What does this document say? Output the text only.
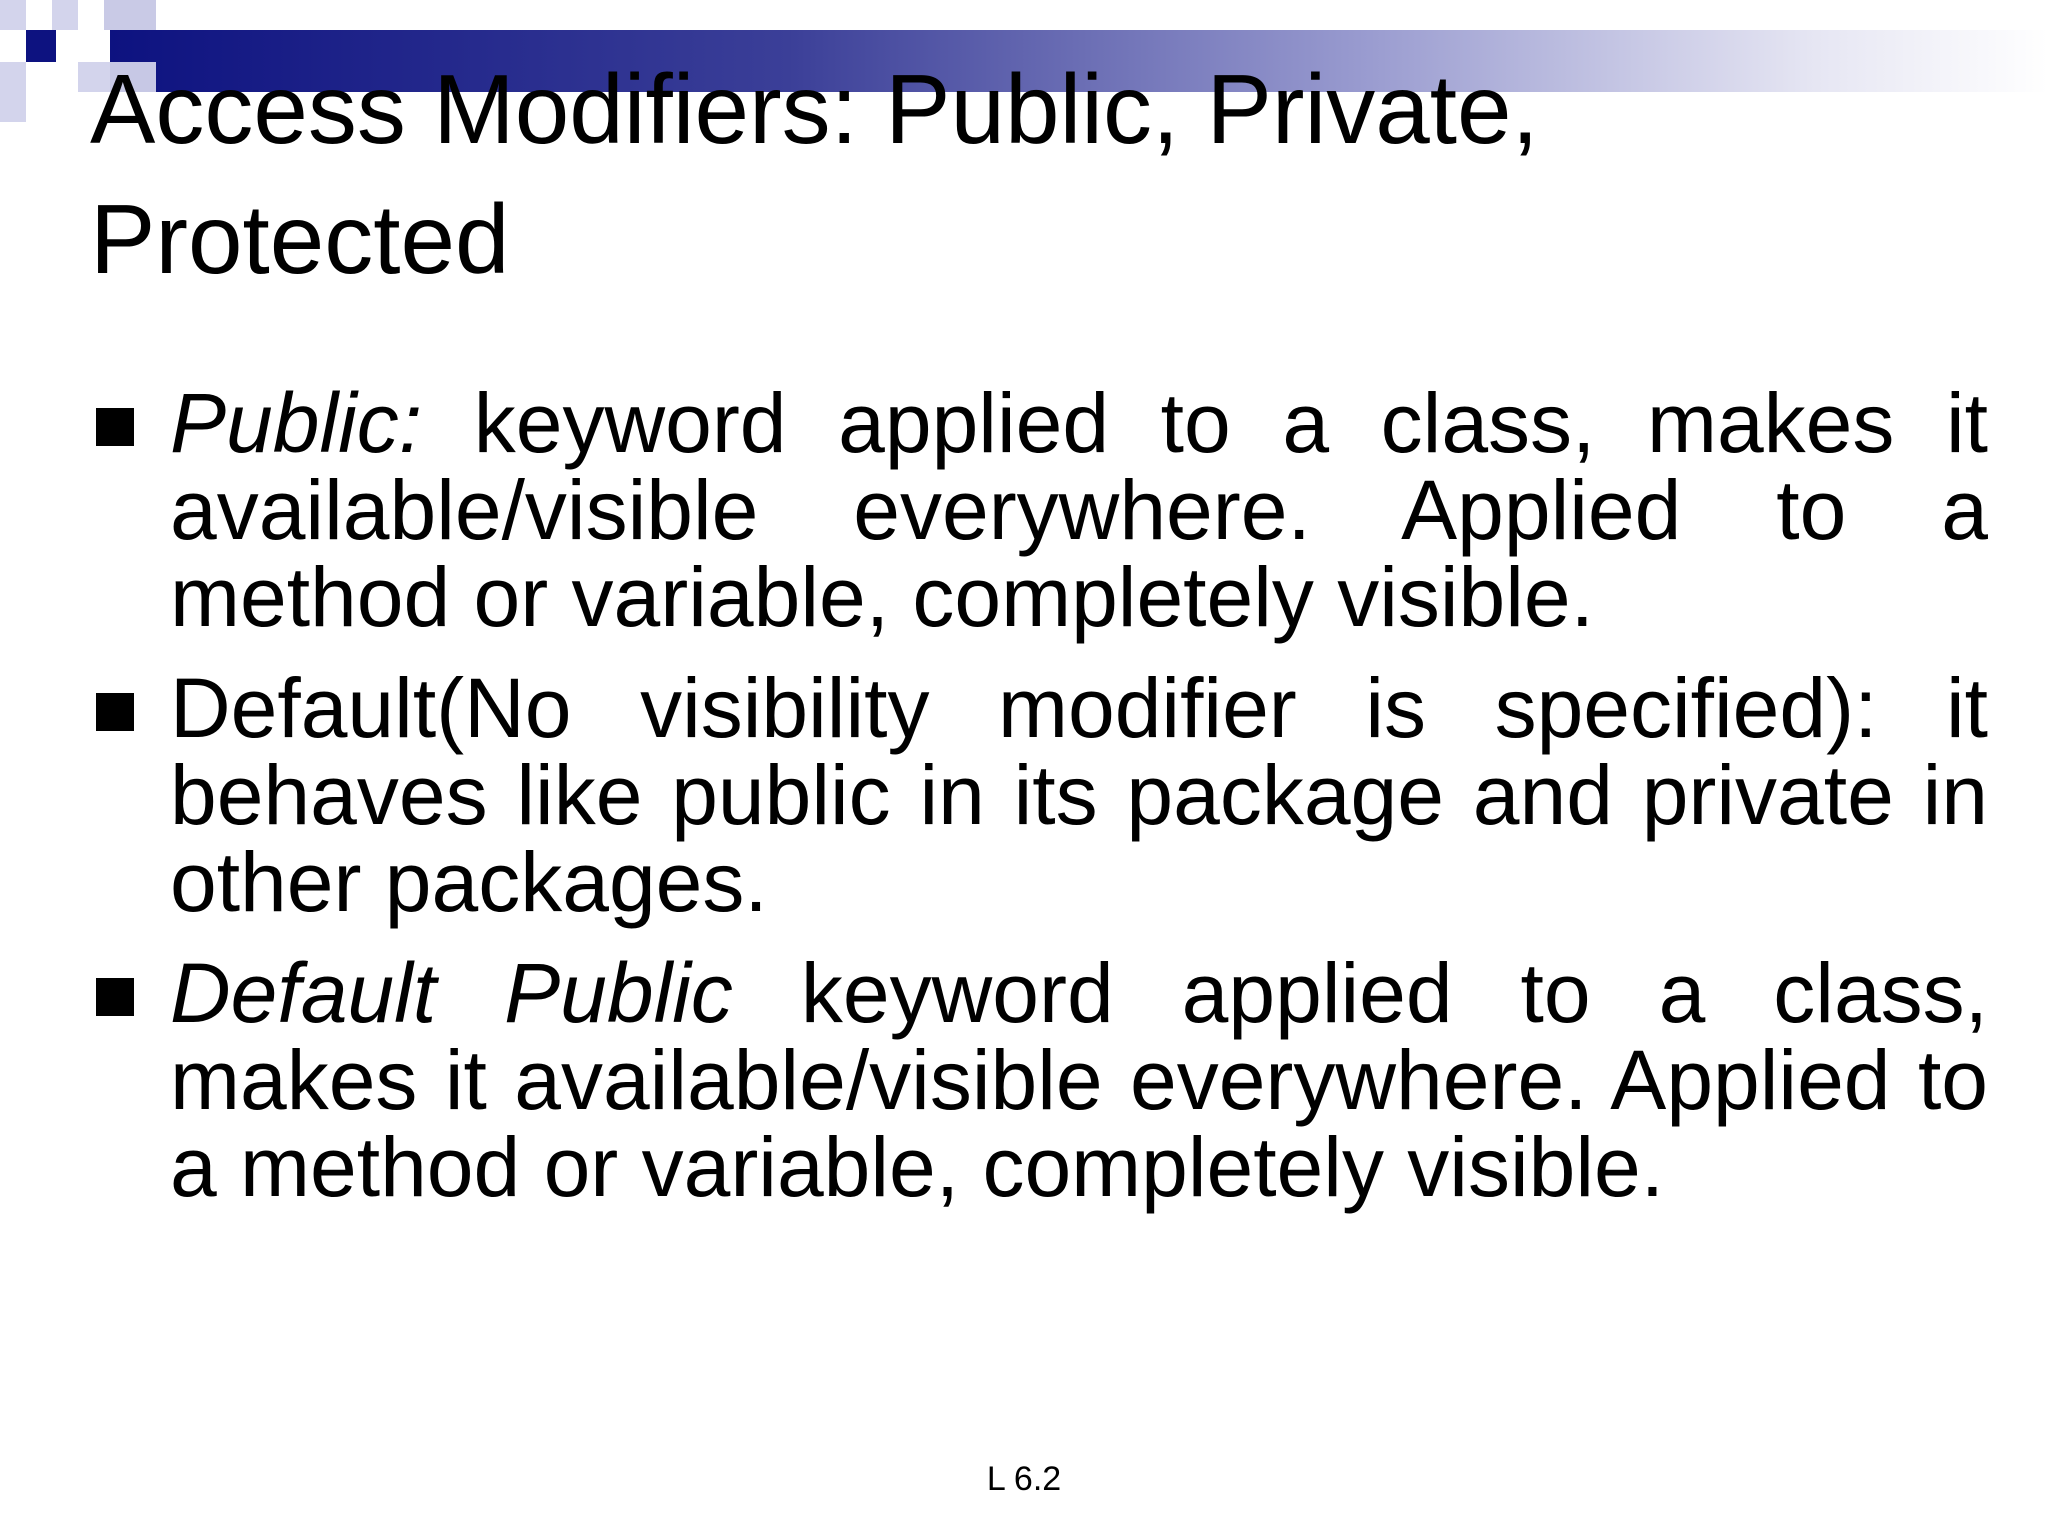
Access Modifiers: Public, Private, Protected
Public: keyword applied to a class, makes it available/visible everywhere. Applied to a method or variable, completely visible.
Default(No visibility modifier is specified): it behaves like public in its package and private in other packages.
Default Public keyword applied to a class, makes it available/visible everywhere. Applied to a method or variable, completely visible.
L 6.2
